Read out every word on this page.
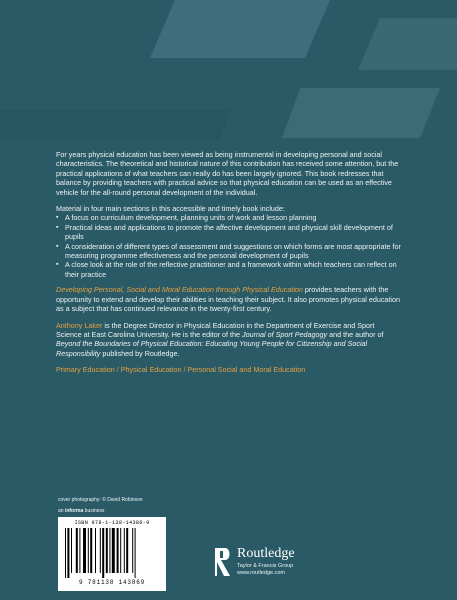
For years physical education has been viewed as being instrumental in developing personal and social characteristics. The theoretical and historical nature of this contribution has received some attention, but the practical applications of what teachers can really do has been largely ignored. This book redresses that balance by providing teachers with practical advice so that physical education can be used as an effective vehicle for the all-round personal development of the individual.

Material in four main sections in this accessible and timely book include:

▪ A focus on curriculum development, planning units of work and lesson planning
▪ Practical ideas and applications to promote the affective development and physical skill development of pupils
▪ A consideration of different types of assessment and suggestions on which forms are most appropriate for measuring programme effectiveness and the personal development of pupils
▪ A close look at the role of the reflective practitioner and a framework within which teachers can reflect on their practice

Developing Personal, Social and Moral Education through Physical Education provides teachers with the opportunity to extend and develop their abilities in teaching their subject. It also promotes physical education as a subject that has continued relevance in the twenty-first century.

Anthony Laker is the Degree Director in Physical Education in the Department of Exercise and Sport Science at East Carolina University. He is the editor of the Journal of Sport Pedagogy and the author of Beyond the Boundaries of Physical Education: Educating Young People for Citizenship and Social Responsibility published by Routledge.

Primary Education / Physical Education / Personal Social and Moral Education

cover photography: © David Robinson
an informa business
ISBN 978-1-138-14386-9
9 781138 143869
Routledge
Taylor & Francis Group
www.routledge.com
